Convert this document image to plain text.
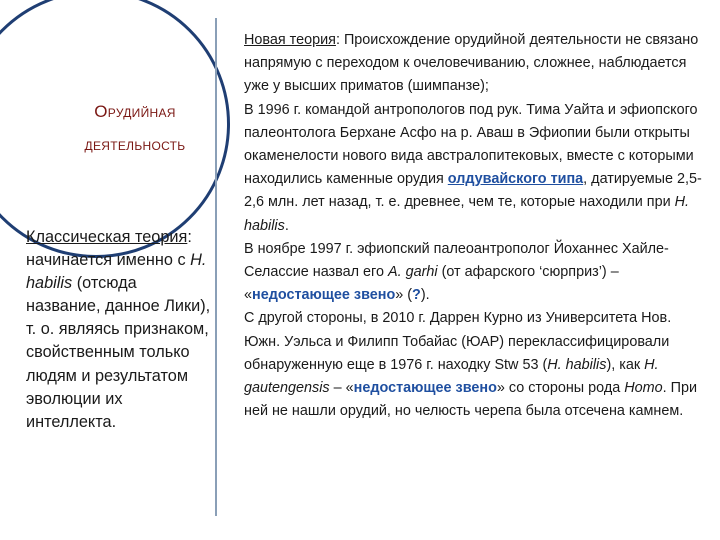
Орудийная
деятельность
Классическая теория: начинается именно с H. habilis (отсюда название, данное Лики), т. о. являясь признаком, свойственным только людям и результатом эволюции их интеллекта.

Новая теория: Происхождение орудийной деятельности не связано напрямую с переходом к очеловечиванию, сложнее, наблюдается уже у высших приматов (шимпанзе);

В 1996 г. командой антропологов под рук. Тима Уайта и эфиопского палеонтолога Берхане Асфо на р. Аваш в Эфиопии были открыты окаменелости нового вида австралопитековых, вместе с которыми находились каменные орудия олдувайского типа, датируемые 2,5-2,6 млн. лет назад, т. е. древнее, чем те, которые находили при H. habilis.

В ноябре 1997 г. эфиопский палеоантрополог Йоханнес Хайле-Селассие назвал его A. garhi (от афарского ‘сюрприз’) – «недостающее звено» (?).

С другой стороны, в 2010 г. Даррен Курно из Университета Нов. Южн. Уэльса и Филипп Тобайас (ЮАР) переклассифицировали обнаруженную еще в 1976 г. находку Stw 53 (H. habilis), как H. gautengensis – «недостающее звено» со стороны рода Homo. При ней не нашли орудий, но челюсть черепа была отсечена камнем.
